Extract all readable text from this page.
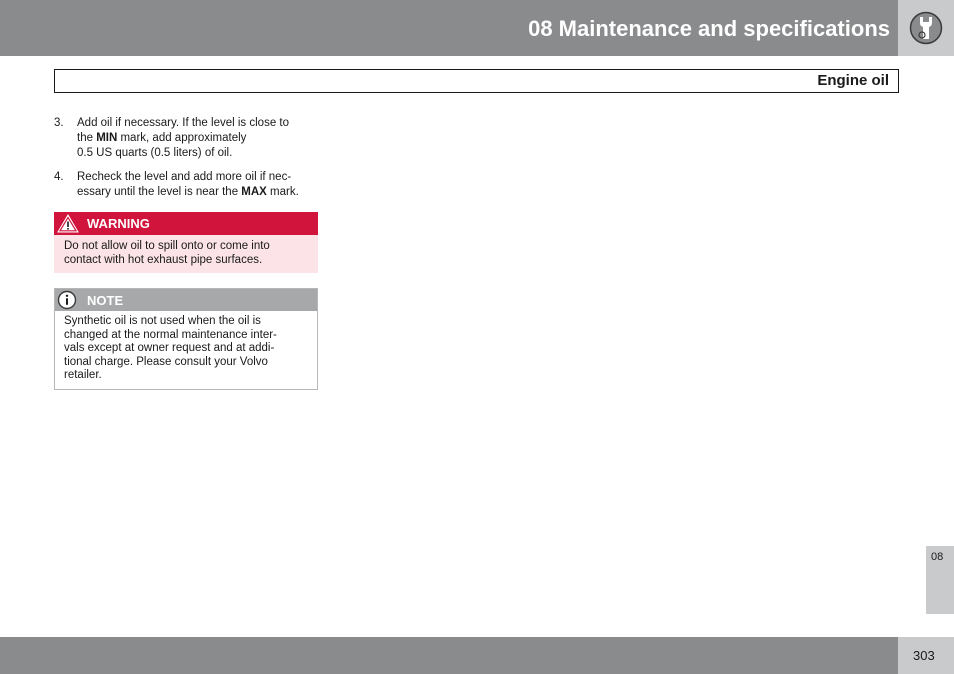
08 Maintenance and specifications
Engine oil
3. Add oil if necessary. If the level is close to
the MIN mark, add approximately
0.5 US quarts (0.5 liters) of oil.
4. Recheck the level and add more oil if nec-
essary until the level is near the MAX mark.
WARNING
Do not allow oil to spill onto or come into
contact with hot exhaust pipe surfaces.
NOTE
Synthetic oil is not used when the oil is
changed at the normal maintenance inter-
vals except at owner request and at addi-
tional charge. Please consult your Volvo
retailer.
08
303
